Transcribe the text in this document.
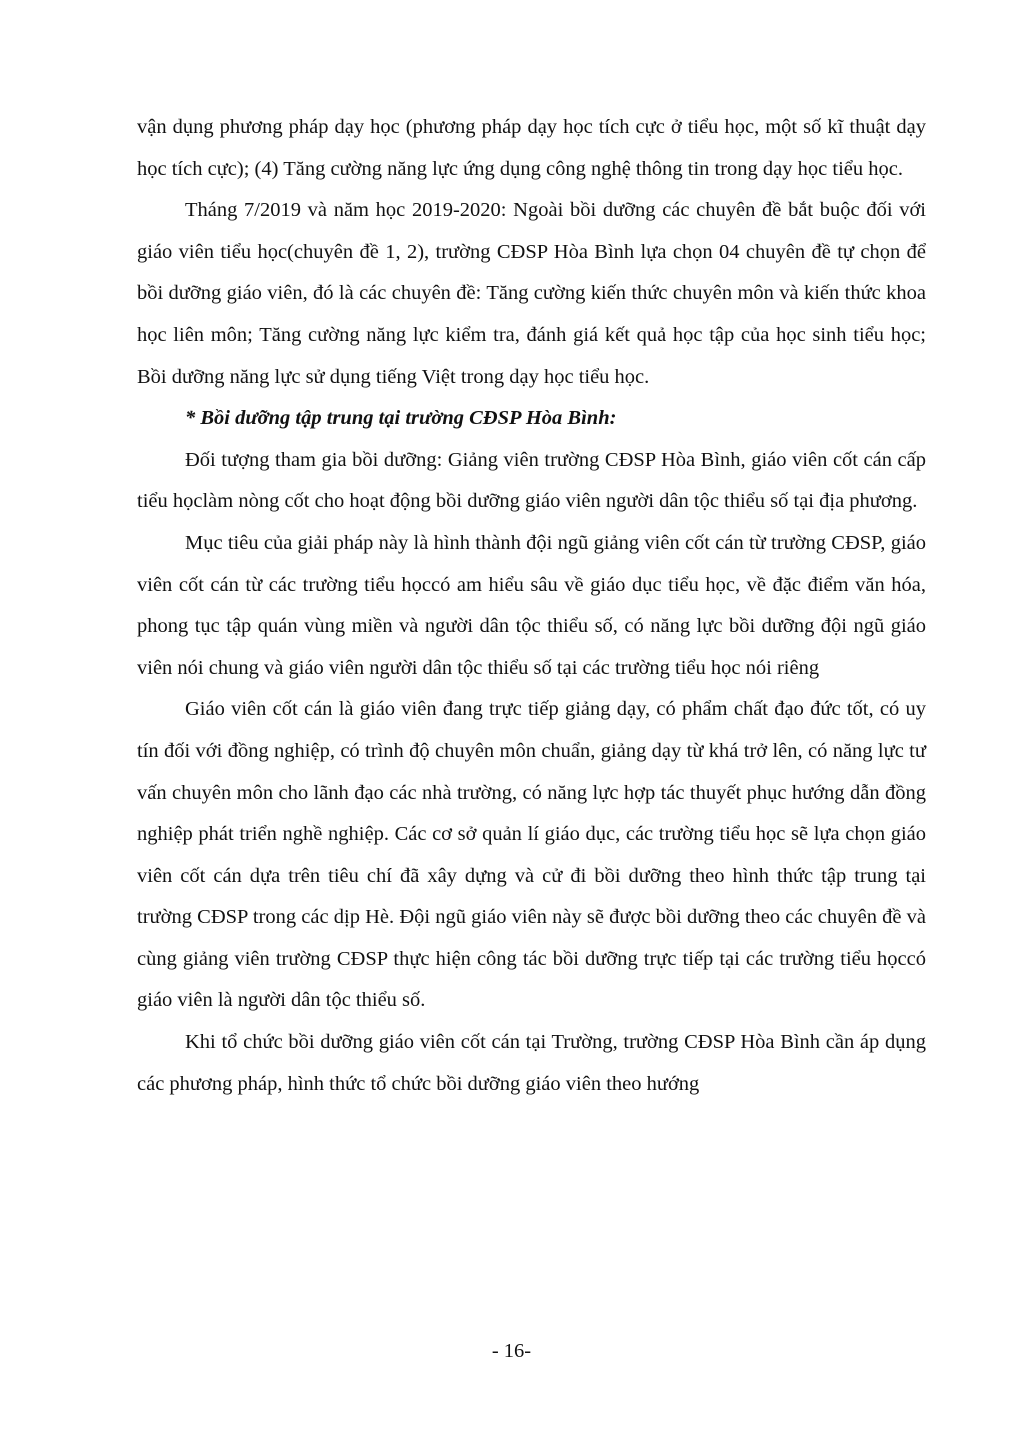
vận dụng phương pháp dạy học (phương pháp dạy học tích cực ở tiểu học, một số kĩ thuật dạy học tích cực); (4) Tăng cường năng lực ứng dụng công nghệ thông tin trong dạy học tiểu học.

Tháng 7/2019 và năm học 2019-2020: Ngoài bồi dưỡng các chuyên đề bắt buộc đối với giáo viên tiểu học(chuyên đề 1, 2), trường CĐSP Hòa Bình lựa chọn 04 chuyên đề tự chọn để bồi dưỡng giáo viên, đó là các chuyên đề: Tăng cường kiến thức chuyên môn và kiến thức khoa học liên môn; Tăng cường năng lực kiểm tra, đánh giá kết quả học tập của học sinh tiểu học; Bồi dưỡng năng lực sử dụng tiếng Việt trong dạy học tiểu học.

* Bồi dưỡng tập trung tại trường CĐSP Hòa Bình:

Đối tượng tham gia bồi dưỡng: Giảng viên trường CĐSP Hòa Bình, giáo viên cốt cán cấp tiểu họclàm nòng cốt cho hoạt động bồi dưỡng giáo viên người dân tộc thiểu số tại địa phương.

Mục tiêu của giải pháp này là hình thành đội ngũ giảng viên cốt cán từ trường CĐSP, giáo viên cốt cán từ các trường tiểu họccó am hiểu sâu về giáo dục tiểu học, về đặc điểm văn hóa, phong tục tập quán vùng miền và người dân tộc thiểu số, có năng lực bồi dưỡng đội ngũ giáo viên nói chung và giáo viên người dân tộc thiểu số tại các trường tiểu học nói riêng

Giáo viên cốt cán là giáo viên đang trực tiếp giảng dạy, có phẩm chất đạo đức tốt, có uy tín đối với đồng nghiệp, có trình độ chuyên môn chuẩn, giảng dạy từ khá trở lên, có năng lực tư vấn chuyên môn cho lãnh đạo các nhà trường, có năng lực hợp tác thuyết phục hướng dẫn đồng nghiệp phát triển nghề nghiệp. Các cơ sở quản lí giáo dục, các trường tiểu học sẽ lựa chọn giáo viên cốt cán dựa trên tiêu chí đã xây dựng và cử đi bồi dưỡng theo hình thức tập trung tại trường CĐSP trong các dịp Hè. Đội ngũ giáo viên này sẽ được bồi dưỡng theo các chuyên đề và cùng giảng viên trường CĐSP thực hiện công tác bồi dưỡng trực tiếp tại các trường tiểu họccó giáo viên là người dân tộc thiểu số.

Khi tổ chức bồi dưỡng giáo viên cốt cán tại Trường, trường CĐSP Hòa Bình cần áp dụng các phương pháp, hình thức tổ chức bồi dưỡng giáo viên theo hướng

- 16-
